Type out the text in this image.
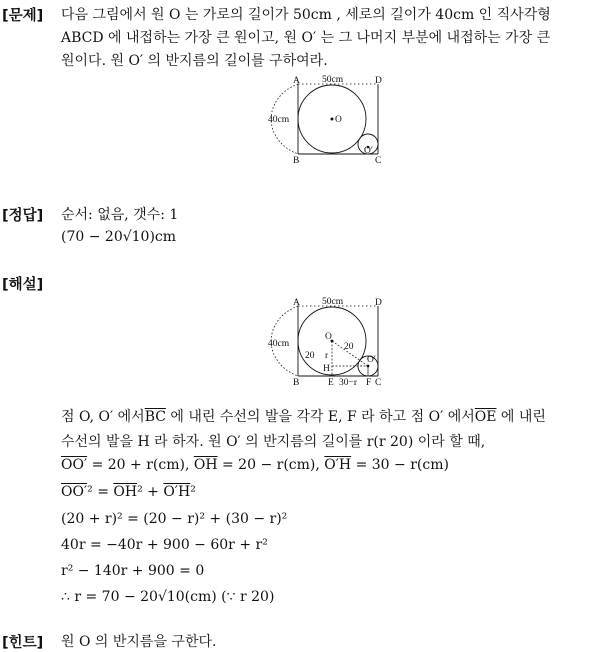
[문제] 다음 그림에서 원 O 는 가로의 길이가 50cm , 세로의 길이가 40cm 인 직사각형
ABCD 에 내접하는 가장 큰 원이고, 원 O′ 는 그 나머지 부분에 내접하는 가장 큰
원이다. 원 O′ 의 반지름의 길이를 구하여라.
A	D
B	C
O
O′
50cm
40cm
[정답] 순서: 없음, 갯수: 1
(70 − 20√10)cm
[해설]
A	D
B	C
O
O′
E	F
H
50cm
40cm
20
20
r
30−r
점 O, O′ 에서$\overline{BC}$ 에 내린 수선의 발을 각각 E, F 라 하고 점 O′ 에서$\overline{OE}$ 에 내린
수선의 발을 H 라 하자. 원 O′ 의 반지름의 길이를 r(r 20) 이라 할 때,
OO′ = 20 + r(cm), $\overline{OH} = 20 - r(cm)$, O′H = 30 − r(cm)
$OO'^2 = \overline{OH}^2 + O'H^2$
(20 + r)² = (20 − r)² + (30 − r)²
40r = −40r + 900 − 60r + r²
r² − 140r + 900 = 0
∴ r = 70 − 20√10(cm) (∵ r 20)
[힌트] 원 O 의 반지름을 구한다.
